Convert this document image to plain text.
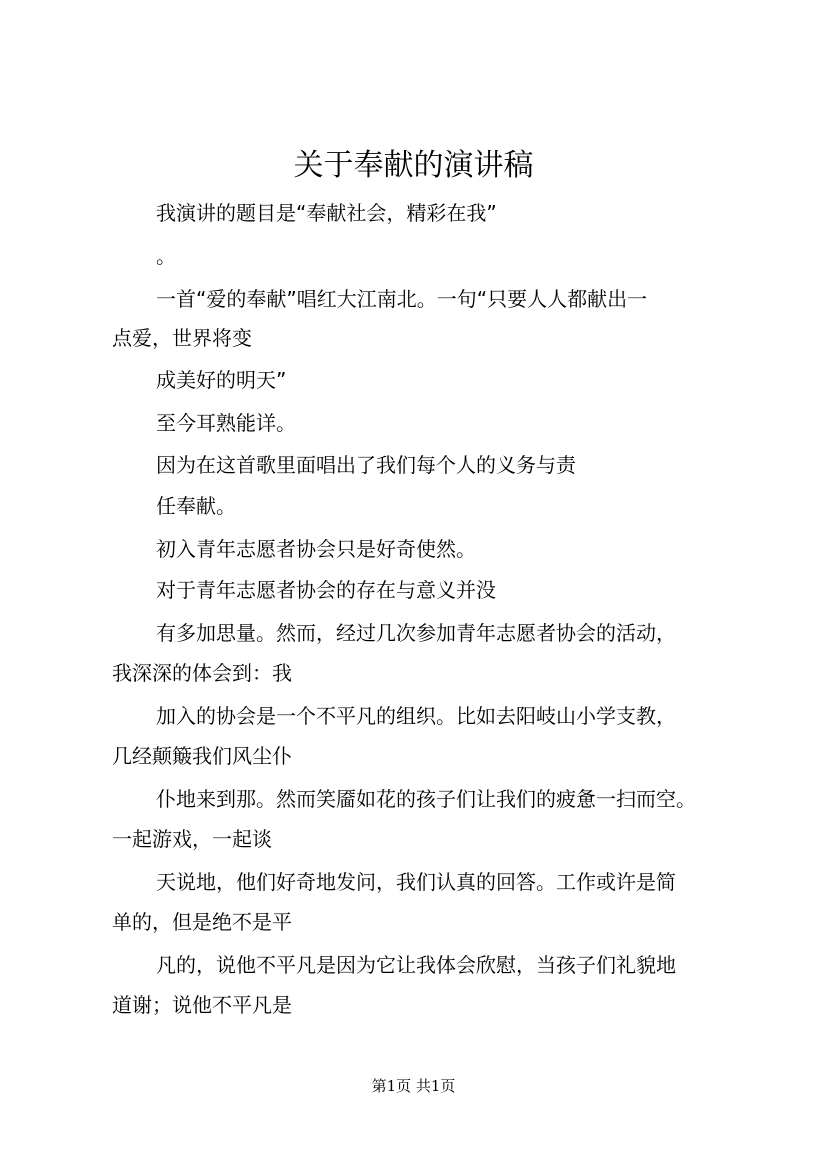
关于奉献的演讲稿

我演讲的题目是“奉献社会，精彩在我”

。

一首“爱的奉献”唱红大江南北。一句“只要人人都献出一

点爱，世界将变

成美好的明天”

至今耳熟能详。

因为在这首歌里面唱出了我们每个人的义务与责

任奉献。

初入青年志愿者协会只是好奇使然。

对于青年志愿者协会的存在与意义并没

有多加思量。然而，经过几次参加青年志愿者协会的活动，

我深深的体会到：我

加入的协会是一个不平凡的组织。比如去阳岐山小学支教，

几经颠簸我们风尘仆

仆地来到那。然而笑靥如花的孩子们让我们的疲惫一扫而空。

一起游戏，一起谈

天说地，他们好奇地发问，我们认真的回答。工作或许是简

单的，但是绝不是平

凡的，说他不平凡是因为它让我体会欣慰，当孩子们礼貌地

道谢；说他不平凡是

第1页 共1页
